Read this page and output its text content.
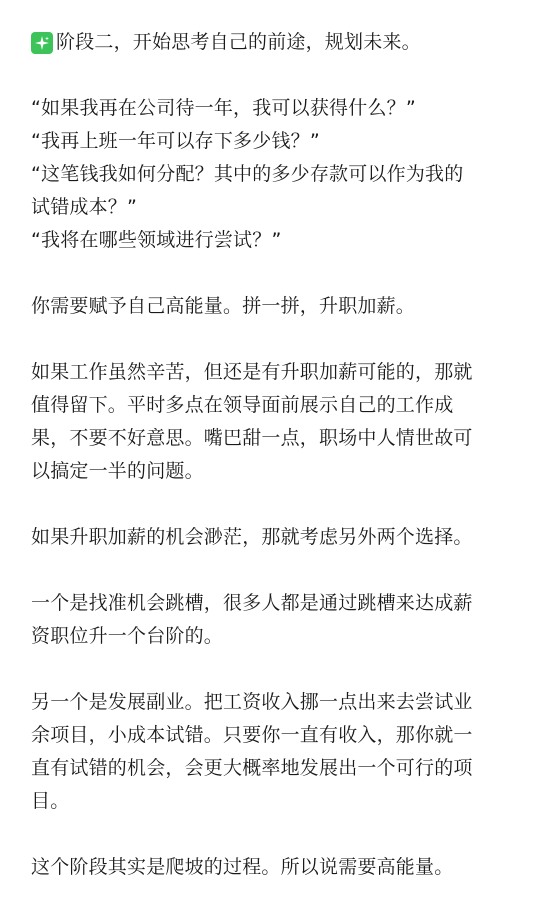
阶段二，开始思考自己的前途，规划未来。
“如果我再在公司待一年，我可以获得什么？”
“我再上班一年可以存下多少钱？”
“这笔钱我如何分配？其中的多少存款可以作为我的
试错成本？”
“我将在哪些领域进行尝试？”
你需要赋予自己高能量。拼一拼，升职加薪。
如果工作虽然辛苦，但还是有升职加薪可能的，那就
值得留下。平时多点在领导面前展示自己的工作成
果，不要不好意思。嘴巴甜一点，职场中人情世故可
以搞定一半的问题。
如果升职加薪的机会渺茫，那就考虑另外两个选择。
一个是找准机会跳槽，很多人都是通过跳槽来达成薪
资职位升一个台阶的。
另一个是发展副业。把工资收入挪一点出来去尝试业
余项目，小成本试错。只要你一直有收入，那你就一
直有试错的机会，会更大概率地发展出一个可行的项
目。
这个阶段其实是爬坡的过程。所以说需要高能量。
